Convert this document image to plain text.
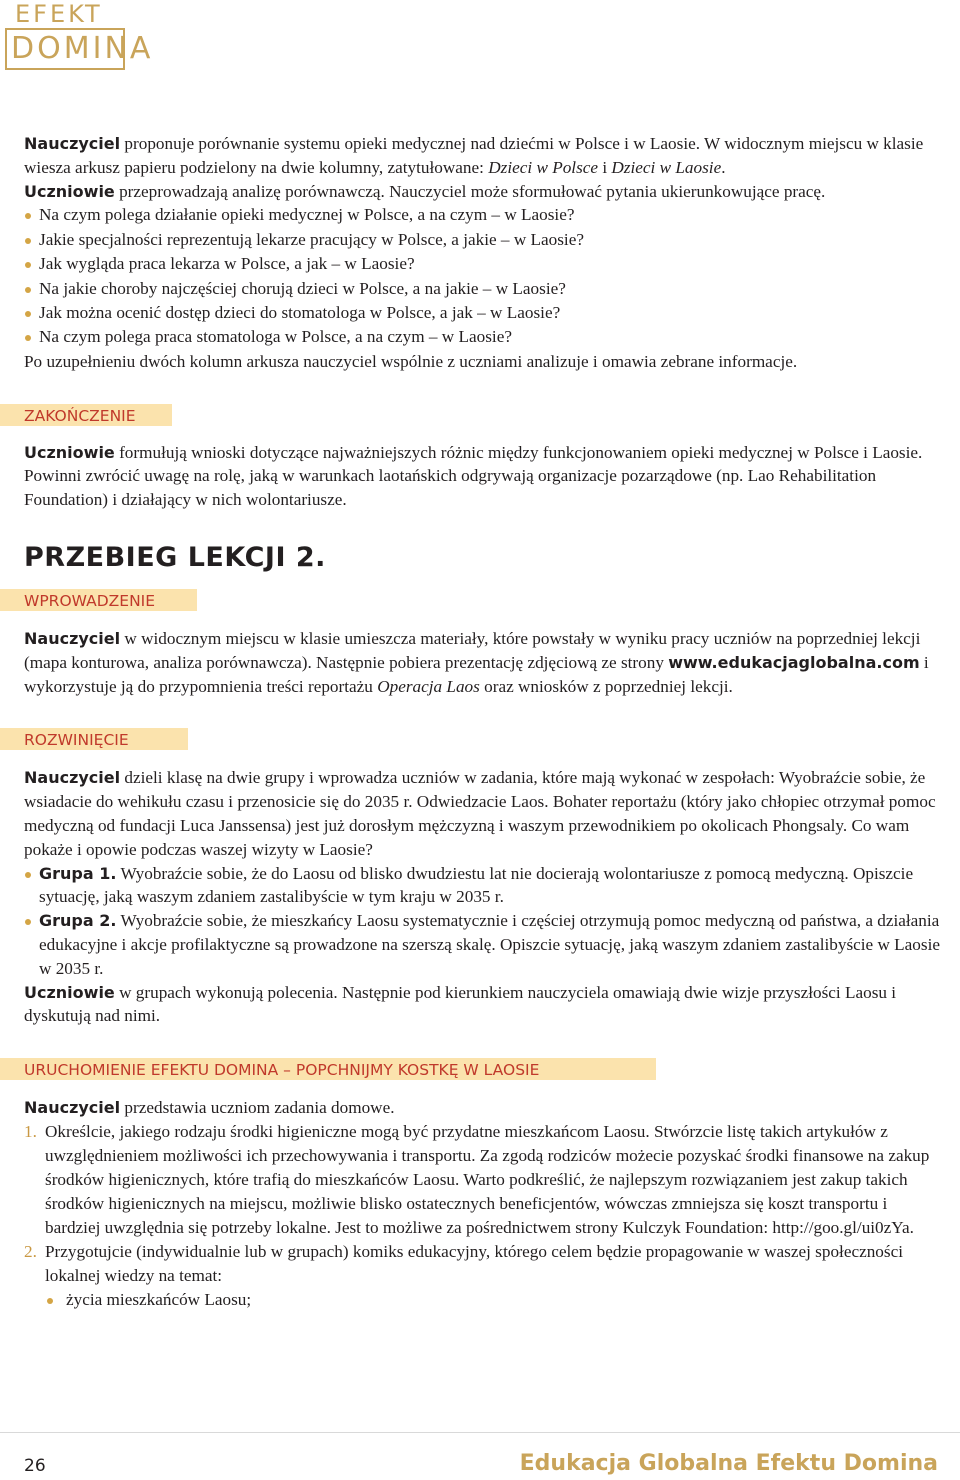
EFEKT
DOMINA

Nauczyciel proponuje porównanie systemu opieki medycznej nad dziećmi w Polsce i w Laosie. W widocznym miejscu w klasie wiesza arkusz papieru podzielony na dwie kolumny, zatytułowane: Dzieci w Polsce i Dzieci w Laosie.

Uczniowie przeprowadzają analizę porównawczą. Nauczyciel może sformułować pytania ukierunkowujące pracę.

Na czym polega działanie opieki medycznej w Polsce, a na czym – w Laosie?
Jakie specjalności reprezentują lekarze pracujący w Polsce, a jakie – w Laosie?
Jak wygląda praca lekarza w Polsce, a jak – w Laosie?
Na jakie choroby najczęściej chorują dzieci w Polsce, a na jakie – w Laosie?
Jak można ocenić dostęp dzieci do stomatologa w Polsce, a jak – w Laosie?
Na czym polega praca stomatologa w Polsce, a na czym – w Laosie?

Po uzupełnieniu dwóch kolumn arkusza nauczyciel wspólnie z uczniami analizuje i omawia zebrane informacje.

ZAKOŃCZENIE

Uczniowie formułują wnioski dotyczące najważniejszych różnic między funkcjonowaniem opieki medycznej w Polsce i Laosie. Powinni zwrócić uwagę na rolę, jaką w warunkach laotańskich odgrywają organizacje pozarządowe (np. Lao Rehabilitation Foundation) i działający w nich wolontariusze.

PRZEBIEG LEKCJI 2.
WPROWADZENIE

Nauczyciel w widocznym miejscu w klasie umieszcza materiały, które powstały w wyniku pracy uczniów na poprzedniej lekcji (mapa konturowa, analiza porównawcza). Następnie pobiera prezentację zdjęciową ze strony www.edukacjaglobalna.com i wykorzystuje ją do przypomnienia treści reportażu Operacja Laos oraz wniosków z poprzedniej lekcji.

ROZWINIĘCIE

Nauczyciel dzieli klasę na dwie grupy i wprowadza uczniów w zadania, które mają wykonać w zespołach: Wyobraźcie sobie, że wsiadacie do wehikułu czasu i przenosicie się do 2035 r. Odwiedzacie Laos. Bohater reportażu (który jako chłopiec otrzymał pomoc medyczną od fundacji Luca Janssensa) jest już dorosłym mężczyzną i waszym przewodnikiem po okolicach Phongsaly. Co wam pokaże i opowie podczas waszej wizyty w Laosie?

Grupa 1. Wyobraźcie sobie, że do Laosu od blisko dwudziestu lat nie docierają wolontariusze z pomocą medyczną. Opiszcie sytuację, jaką waszym zdaniem zastalibyście w tym kraju w 2035 r.
Grupa 2. Wyobraźcie sobie, że mieszkańcy Laosu systematycznie i częściej otrzymują pomoc medyczną od państwa, a działania edukacyjne i akcje profilaktyczne są prowadzone na szerszą skalę. Opiszcie sytuację, jaką waszym zdaniem zastalibyście w Laosie w 2035 r.

Uczniowie w grupach wykonują polecenia. Następnie pod kierunkiem nauczyciela omawiają dwie wizje przyszłości Laosu i dyskutują nad nimi.

URUCHOMIENIE EFEKTU DOMINA – POPCHNIJMY KOSTKĘ W LAOSIE

Nauczyciel przedstawia uczniom zadania domowe.

1. Określcie, jakiego rodzaju środki higieniczne mogą być przydatne mieszkańcom Laosu. Stwórzcie listę takich artykułów z uwzględnieniem możliwości ich przechowywania i transportu. Za zgodą rodziców możecie pozyskać środki finansowe na zakup środków higienicznych, które trafią do mieszkańców Laosu. Warto podkreślić, że najlepszym rozwiązaniem jest zakup takich środków higienicznych na miejscu, możliwie blisko ostatecznych beneficjentów, wówczas zmniejsza się koszt transportu i bardziej uwzględnia się potrzeby lokalne. Jest to możliwe za pośrednictwem strony Kulczyk Foundation: http://goo.gl/ui0zYa.
2. Przygotujcie (indywidualnie lub w grupach) komiks edukacyjny, którego celem będzie propagowanie w waszej społeczności lokalnej wiedzy na temat:
życia mieszkańców Laosu;
26	Edukacja Globalna Efektu Domina
